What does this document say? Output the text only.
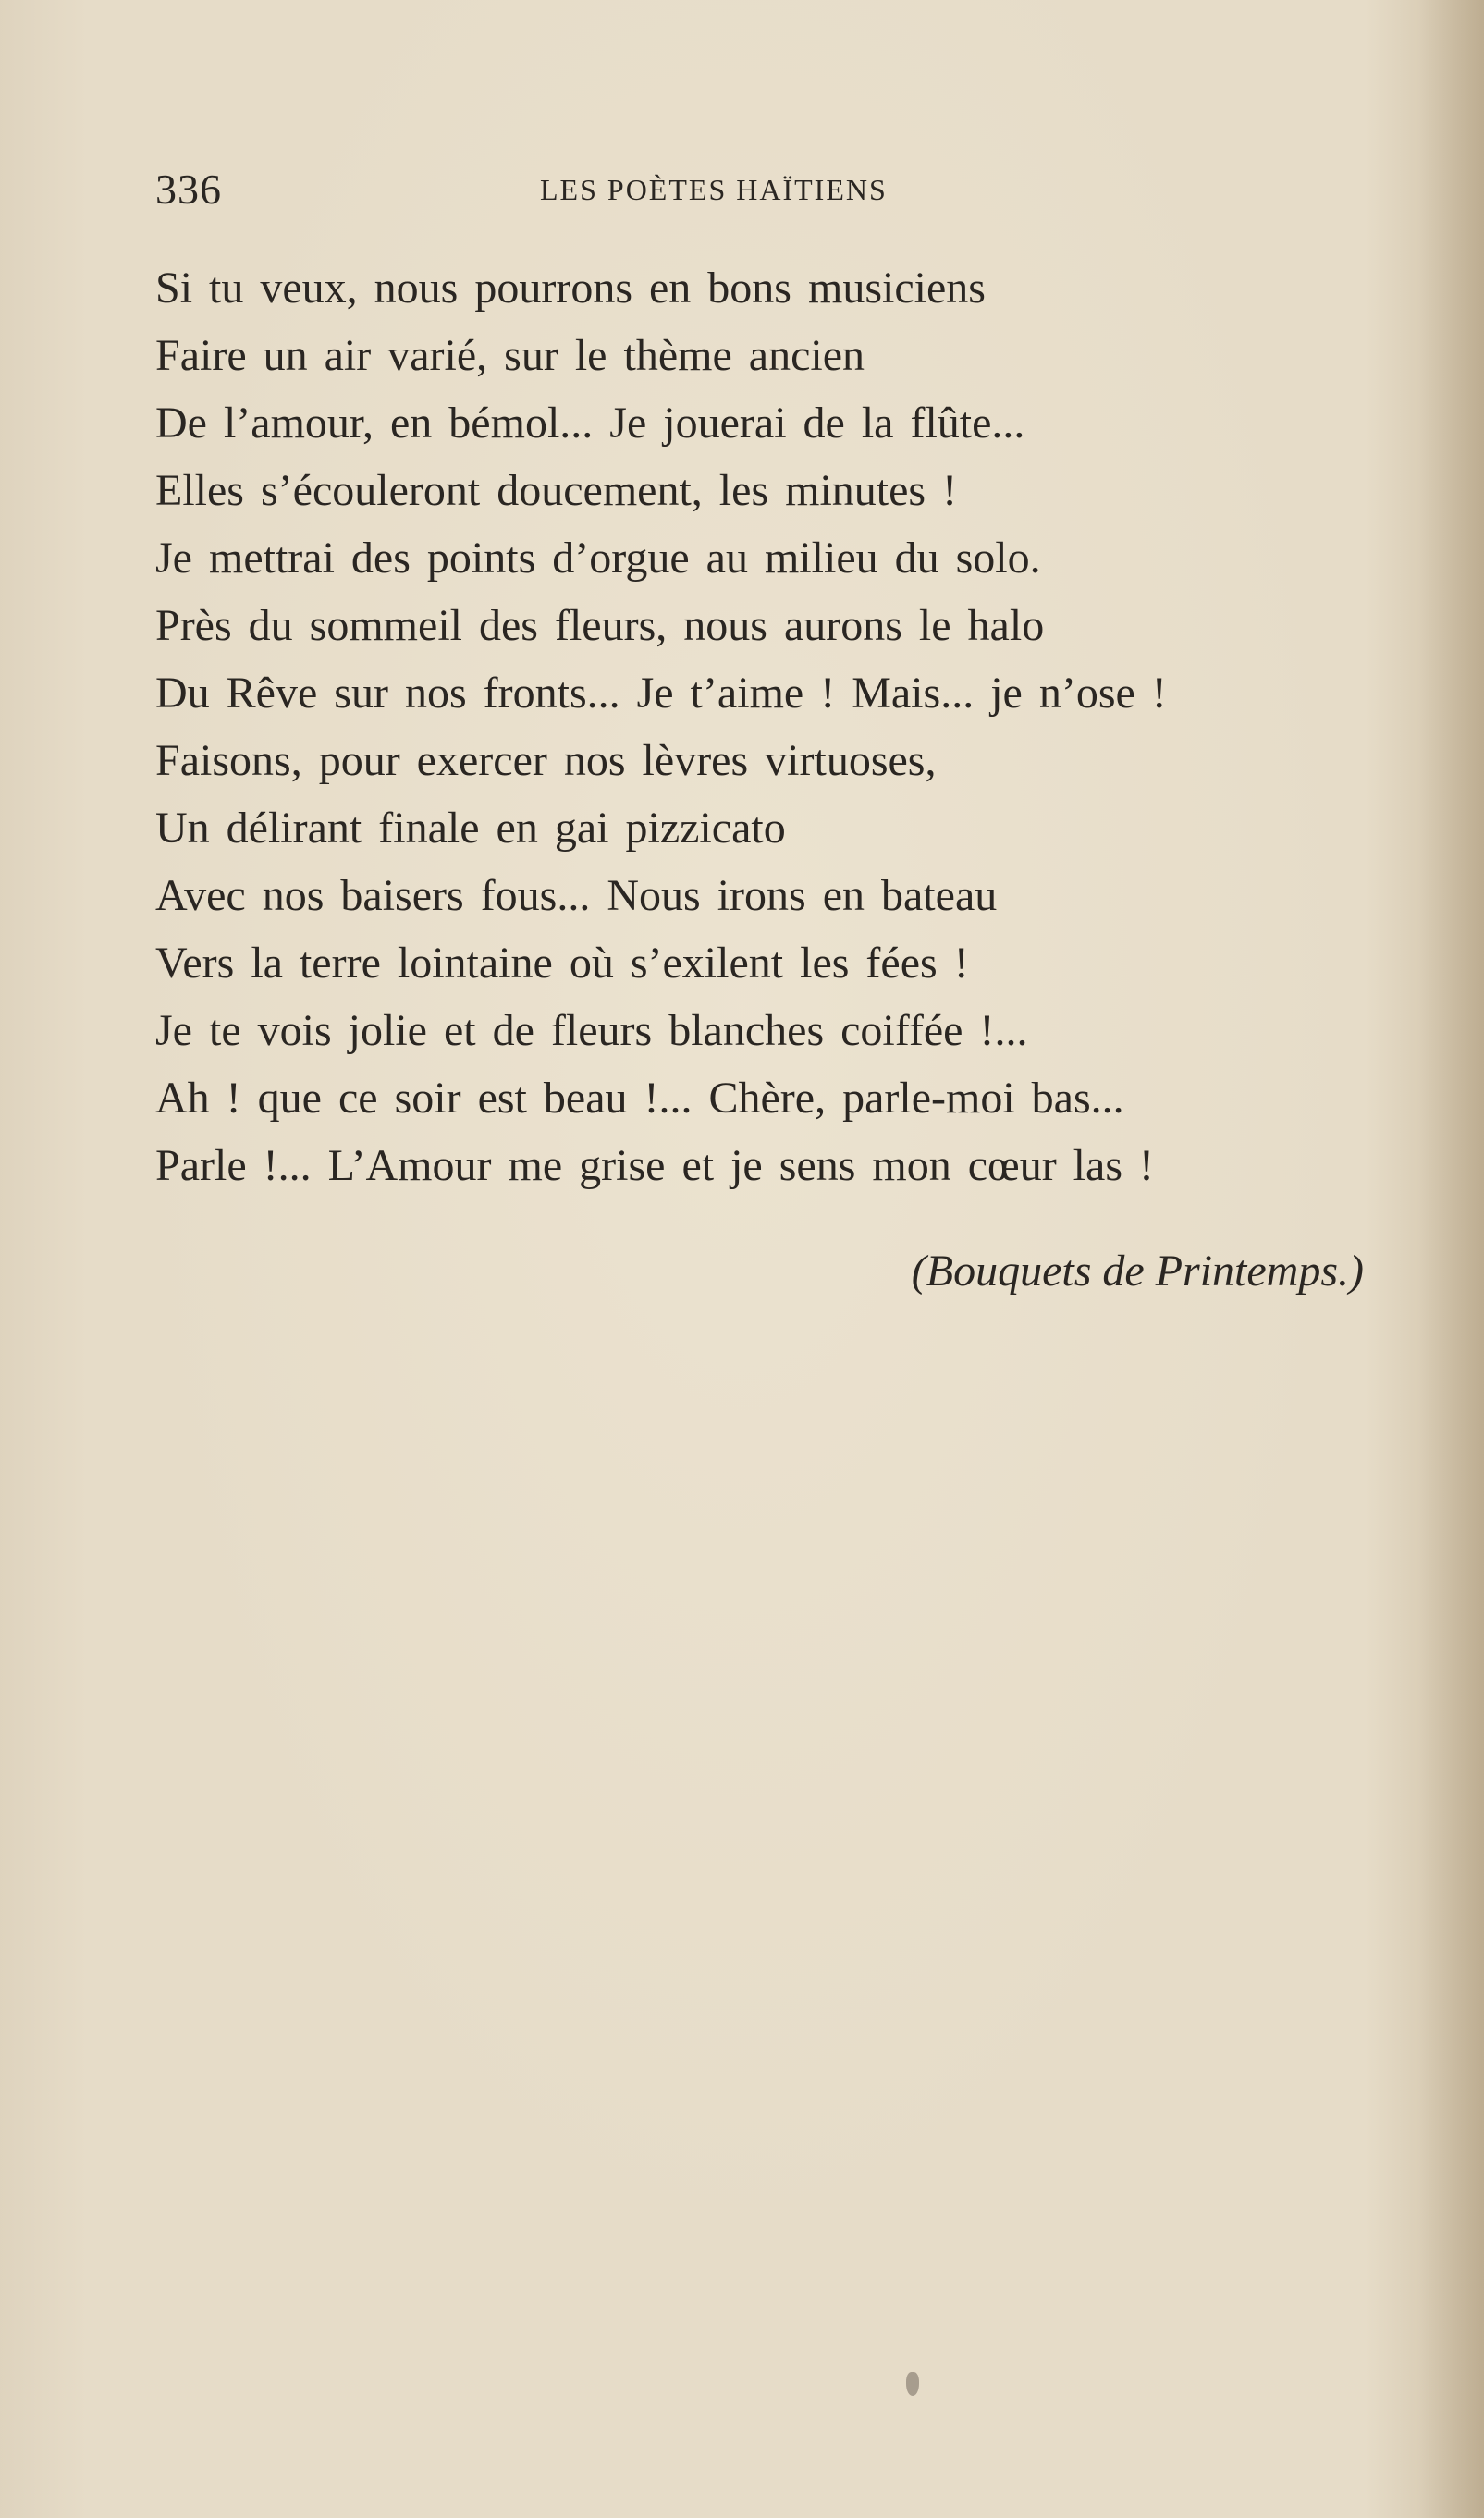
336	LES POÈTES HAÏTIENS
Si tu veux, nous pourrons en bons musiciens
Faire un air varié, sur le thème ancien
De l’amour, en bémol... Je jouerai de la flûte...
Elles s’écouleront doucement, les minutes !
Je mettrai des points d’orgue au milieu du solo.
Près du sommeil des fleurs, nous aurons le halo
Du Rêve sur nos fronts... Je t’aime ! Mais... je n’ose !
Faisons, pour exercer nos lèvres virtuoses,
Un délirant finale en gai pizzicato
Avec nos baisers fous... Nous irons en bateau
Vers la terre lointaine où s’exilent les fées !
Je te vois jolie et de fleurs blanches coiffée !...
Ah ! que ce soir est beau !... Chère, parle-moi bas...
Parle !... L’Amour me grise et je sens mon cœur las !
(Bouquets de Printemps.)
